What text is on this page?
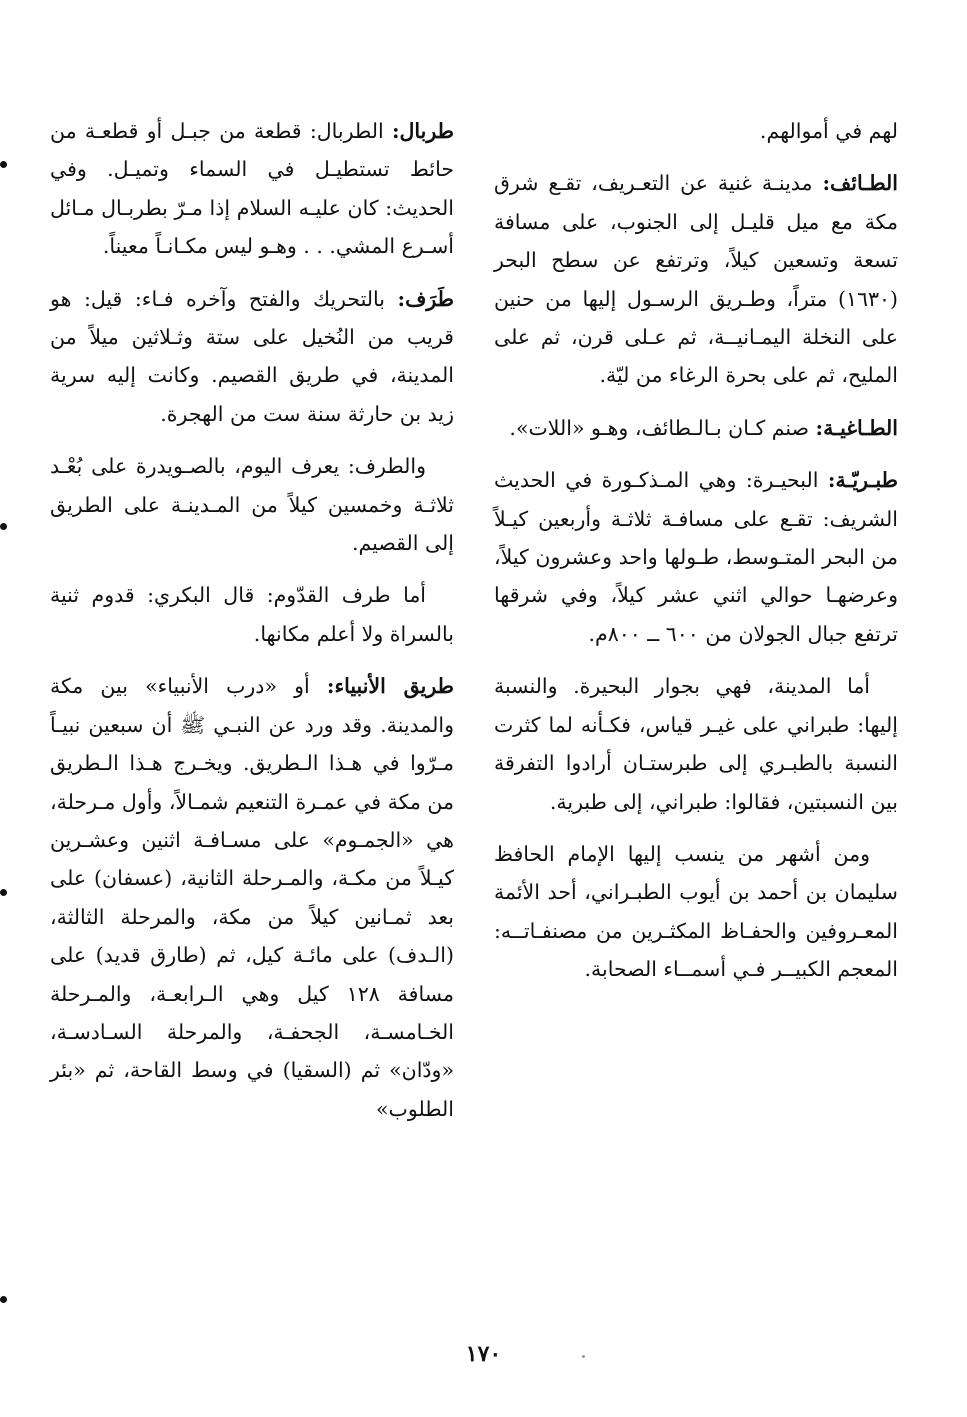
لهم في أموالهم.

الطـائف: مدينـة غنية عن التعـريف، تقـع شرق مكة مع ميل قليـل إلى الجنوب، على مسافة تسعة وتسعين كيلاً، وترتفع عن سطح البحر (١٦٣٠) متراً، وطـريق الرسـول إليها من حنين على النخلة اليمـانيــة، ثم عـلى قرن، ثم على المليح، ثم على بحرة الرغاء من ليّة.

الطـاغيـة: صنم كـان بـالـطائف، وهـو «اللات».

طبـريّـة: البحيـرة: وهي المـذكـورة في الحديث الشريف: تقـع على مسافـة ثلاثـة وأربعين كيـلاً من البحر المتـوسط، طـولها واحد وعشرون كيلاً، وعرضهـا حوالي اثني عشر كيلاً، وفي شرقها ترتفع جبال الجولان من ٦٠٠ ــ ٨٠٠م.

أما المدينة، فهي بجوار البحيرة. والنسبة إليها: طبراني على غيـر قياس، فكـأنه لما كثرت النسبة بالطبـري إلى طبرستـان أرادوا التفرقة بين النسبتين، فقالوا: طبراني، إلى طبرية.

ومن أشهر من ينسب إليها الإمام الحافظ سليمان بن أحمد بن أيوب الطبـراني، أحد الأئمة المعـروفين والحفـاظ المكثـرين من مصنفـاتــه: المعجم الكبيــر فـي أسمــاء الصحابة.

طربال: الطربال: قطعة من جبـل أو قطعـة من حائط تستطيـل في السماء وتميـل. وفي الحديث: كان عليـه السلام إذا مـرّ بطربـال مـائل أسـرع المشي. . . وهـو ليس مكـانـاً معيناً.

طَرَف: بالتحريك والفتح وآخره فـاء: قيل: هو قريب من النُخيل على ستة وثـلاثين ميلاً من المدينة، في طريق القصيم. وكانت إليه سرية زيد بن حارثة سنة ست من الهجرة.

والطرف: يعرف اليوم، بالصـويدرة على بُعْـد ثلاثـة وخمسين كيلاً من المـدينـة على الطريق إلى القصيم.

أما طرف القدّوم: قال البكري: قدوم ثنية بالسراة ولا أعلم مكانها.

طريق الأنبياء: أو «درب الأنبياء» بين مكة والمدينة. وقد ورد عن النبـي ﷺ أن سبعين نبيـاً مـرّوا في هـذا الـطريق. ويخـرج هـذا الـطريق من مكة في عمـرة التنعيم شمـالاً، وأول مـرحلة، هي «الجمـوم» على مسـافـة اثنين وعشـرين كيـلاً من مكـة، والمـرحلة الثانية، (عسفان) على بعد ثمـانين كيلاً من مكة، والمرحلة الثالثة، (الـدف) على مائـة كيل، ثم (طارق قديد) على مسافة ١٢٨ كيل وهي الـرابعـة، والمـرحلة الخـامسـة، الجحفـة، والمرحلة السـادسـة، «ودّان» ثم (السقيا) في وسط القاحة، ثم «بئر الطلوب»

١٧٠
